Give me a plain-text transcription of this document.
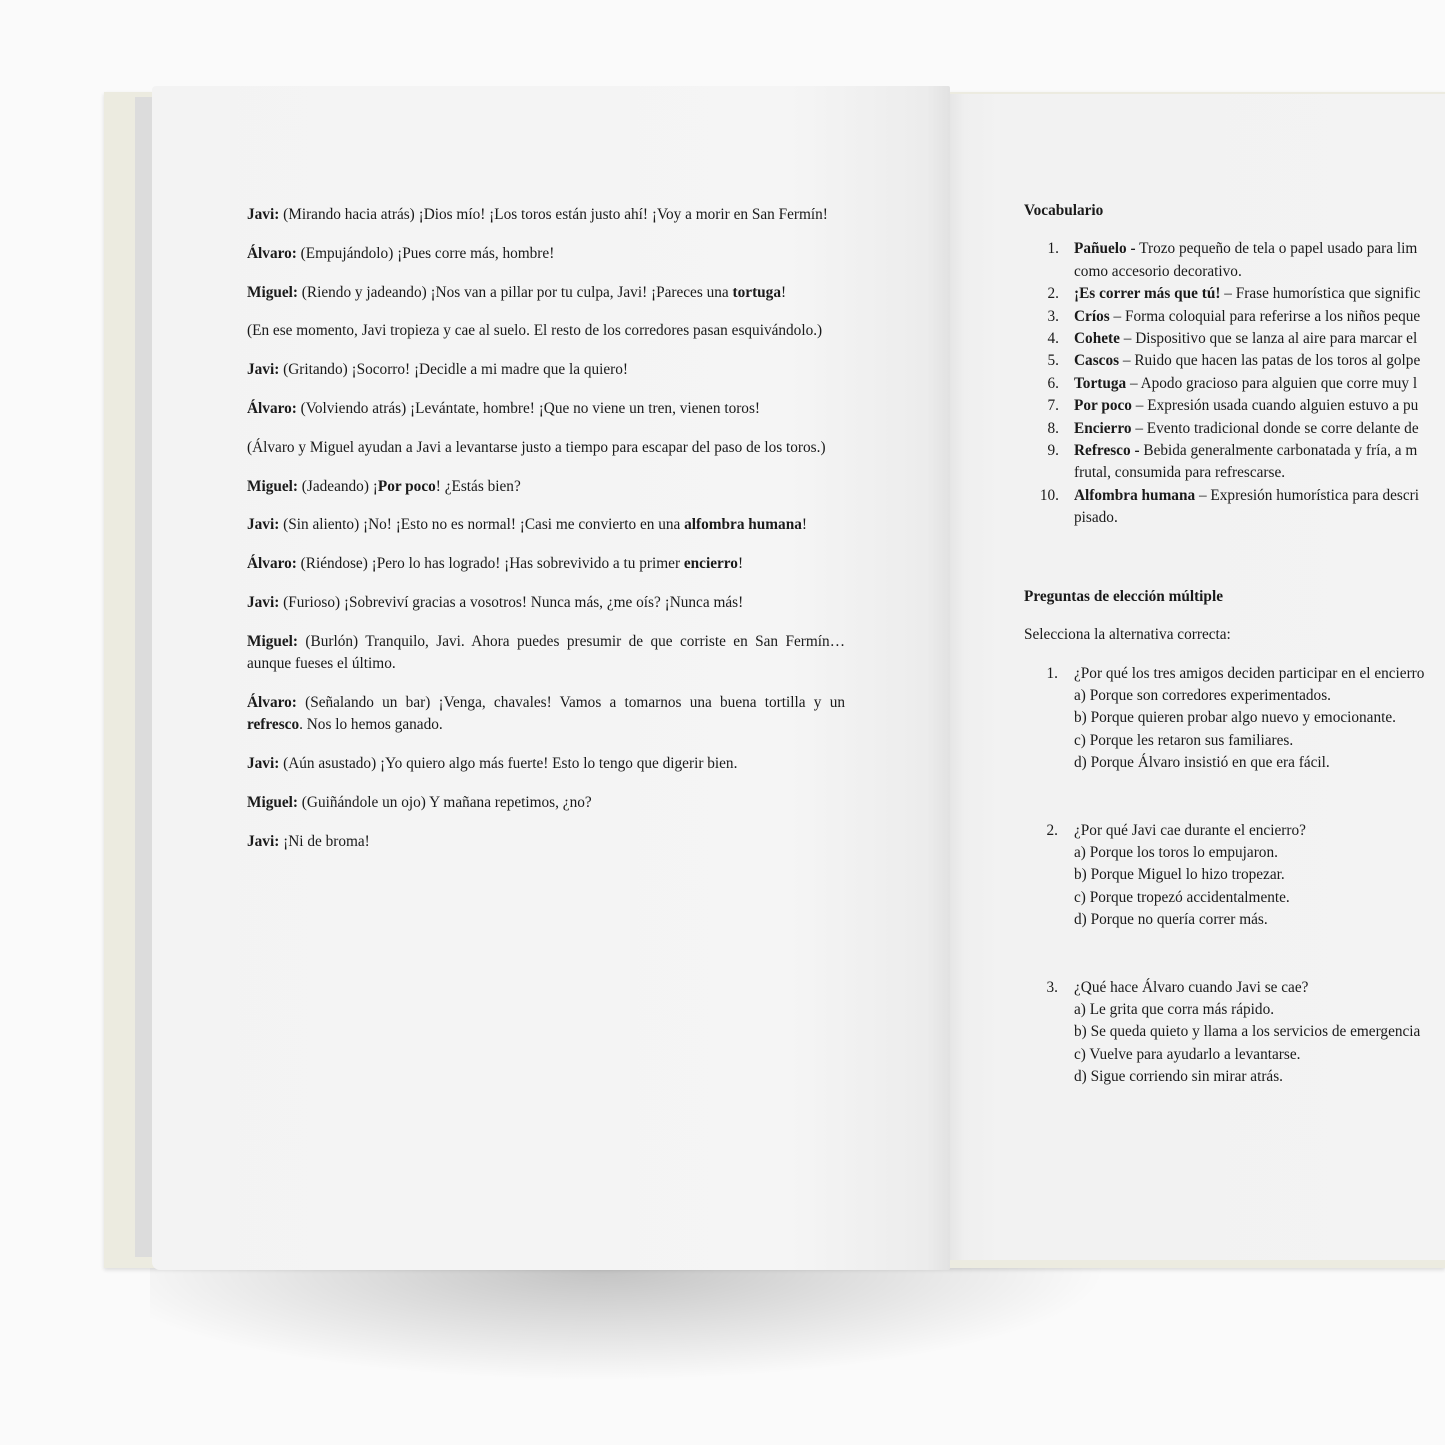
Javi: (Mirando hacia atrás) ¡Dios mío! ¡Los toros están justo ahí! ¡Voy a morir en San Fermín!

Álvaro: (Empujándolo) ¡Pues corre más, hombre!

Miguel: (Riendo y jadeando) ¡Nos van a pillar por tu culpa, Javi! ¡Pareces una tortuga!

(En ese momento, Javi tropieza y cae al suelo. El resto de los corredores pasan esquivándolo.)

Javi: (Gritando) ¡Socorro! ¡Decidle a mi madre que la quiero!

Álvaro: (Volviendo atrás) ¡Levántate, hombre! ¡Que no viene un tren, vienen toros!

(Álvaro y Miguel ayudan a Javi a levantarse justo a tiempo para escapar del paso de los toros.)

Miguel: (Jadeando) ¡Por poco! ¿Estás bien?

Javi: (Sin aliento) ¡No! ¡Esto no es normal! ¡Casi me convierto en una alfombra humana!

Álvaro: (Riéndose) ¡Pero lo has logrado! ¡Has sobrevivido a tu primer encierro!

Javi: (Furioso) ¡Sobreviví gracias a vosotros! Nunca más, ¿me oís? ¡Nunca más!

Miguel: (Burlón) Tranquilo, Javi. Ahora puedes presumir de que corriste en San Fermín… aunque fueses el último.

Álvaro: (Señalando un bar) ¡Venga, chavales! Vamos a tomarnos una buena tortilla y un refresco. Nos lo hemos ganado.

Javi: (Aún asustado) ¡Yo quiero algo más fuerte! Esto lo tengo que digerir bien.

Miguel: (Guiñándole un ojo) Y mañana repetimos, ¿no?

Javi: ¡Ni de broma!

Vocabulario

1. Pañuelo - Trozo pequeño de tela o papel usado para lim
como accesorio decorativo.
2. ¡Es correr más que tú! – Frase humorística que signific
3. Críos – Forma coloquial para referirse a los niños peque
4. Cohete – Dispositivo que se lanza al aire para marcar el
5. Cascos – Ruido que hacen las patas de los toros al golpe
6. Tortuga – Apodo gracioso para alguien que corre muy l
7. Por poco – Expresión usada cuando alguien estuvo a pu
8. Encierro – Evento tradicional donde se corre delante de
9. Refresco - Bebida generalmente carbonatada y fría, a m
frutal, consumida para refrescarse.
10. Alfombra humana – Expresión humorística para descri
pisado.

Preguntas de elección múltiple

Selecciona la alternativa correcta:

1. ¿Por qué los tres amigos deciden participar en el encierro
a) Porque son corredores experimentados.
b) Porque quieren probar algo nuevo y emocionante.
c) Porque les retaron sus familiares.
d) Porque Álvaro insistió en que era fácil.
2. ¿Por qué Javi cae durante el encierro?
a) Porque los toros lo empujaron.
b) Porque Miguel lo hizo tropezar.
c) Porque tropezó accidentalmente.
d) Porque no quería correr más.
3. ¿Qué hace Álvaro cuando Javi se cae?
a) Le grita que corra más rápido.
b) Se queda quieto y llama a los servicios de emergencia
c) Vuelve para ayudarlo a levantarse.
d) Sigue corriendo sin mirar atrás.
